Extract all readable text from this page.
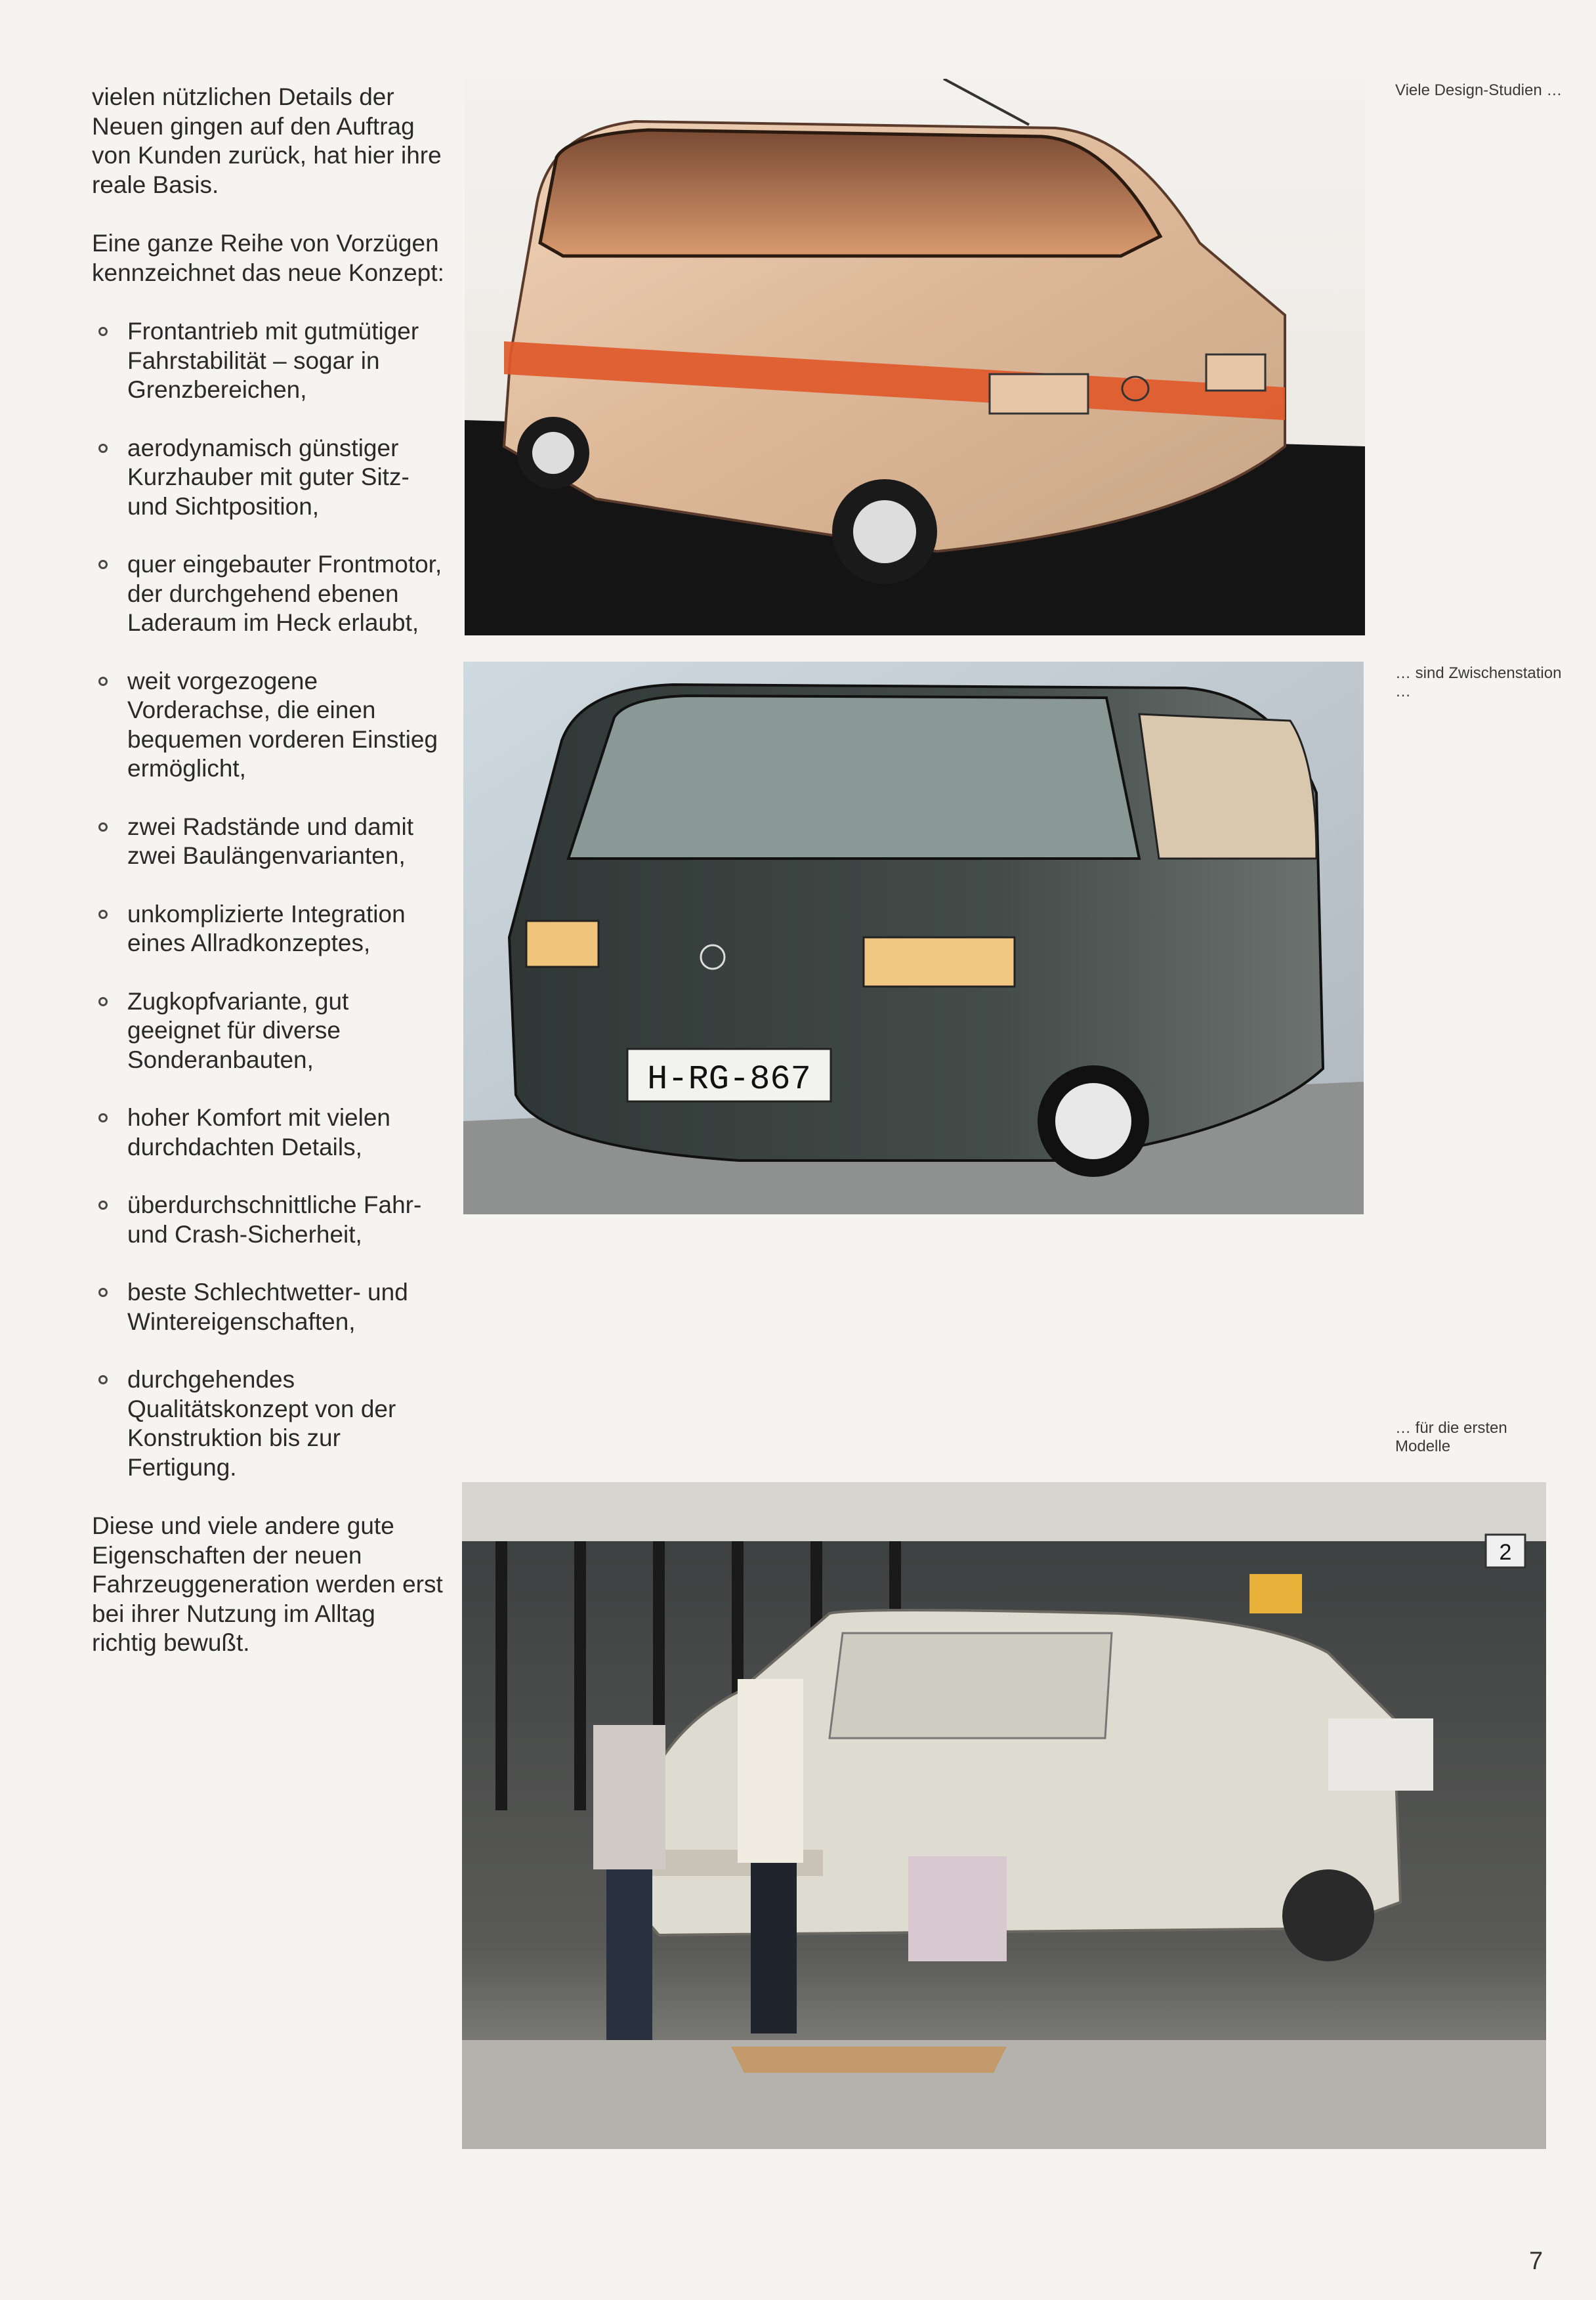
vielen nützlichen Details der Neuen gingen auf den Auftrag von Kunden zurück, hat hier ihre reale Basis.

Eine ganze Reihe von Vorzügen kennzeichnet das neue Konzept:

Frontantrieb mit gutmütiger Fahrstabilität – sogar in Grenzbereichen,
aerodynamisch günstiger Kurzhauber mit guter Sitz- und Sichtposition,
quer eingebauter Frontmotor, der durchgehend ebenen Laderaum im Heck erlaubt,
weit vorgezogene Vorderachse, die einen bequemen vorderen Einstieg ermöglicht,
zwei Radstände und damit zwei Baulängenvarianten,
unkomplizierte Integration eines Allradkonzeptes,
Zugkopfvariante, gut geeignet für diverse Sonderanbauten,
hoher Komfort mit vielen durchdachten Details,
überdurchschnittliche Fahr- und Crash-Sicherheit,
beste Schlechtwetter- und Wintereigenschaften,
durchgehendes Qualitätskonzept von der Konstruktion bis zur Fertigung.

Diese und viele andere gute Eigenschaften der neuen Fahrzeuggeneration werden erst bei ihrer Nutzung im Alltag richtig bewußt.

Viele Design-Studien …
H-RG-867
… sind Zwischenstation …
2
… für die ersten Modelle
7
